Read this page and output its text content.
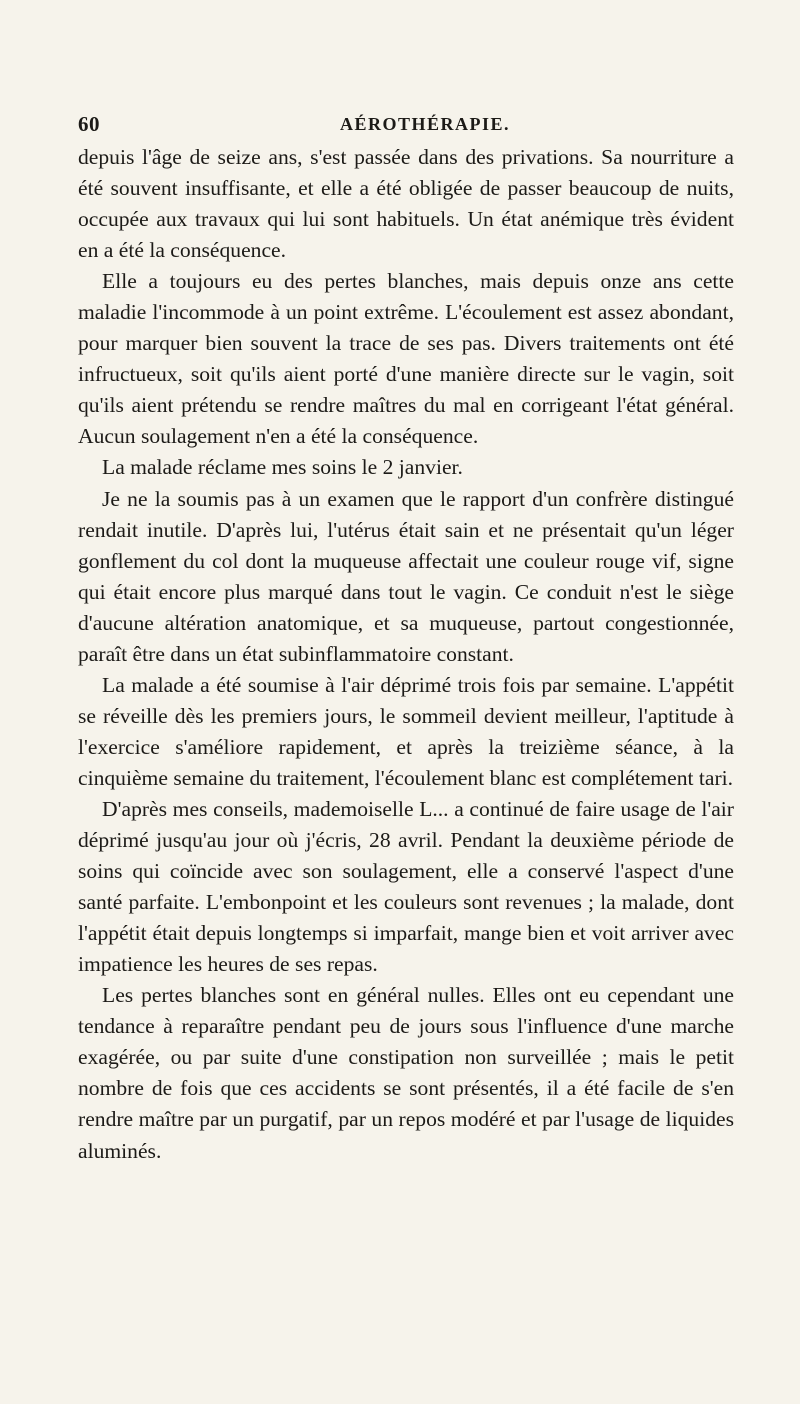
60	AÉROTHÉRAPIE.

depuis l'âge de seize ans, s'est passée dans des privations. Sa nourriture a été souvent insuffisante, et elle a été obligée de passer beaucoup de nuits, occupée aux travaux qui lui sont habituels. Un état anémique très évident en a été la conséquence.

Elle a toujours eu des pertes blanches, mais depuis onze ans cette maladie l'incommode à un point extrême. L'écoulement est assez abondant, pour marquer bien souvent la trace de ses pas. Divers traitements ont été infructueux, soit qu'ils aient porté d'une manière directe sur le vagin, soit qu'ils aient prétendu se rendre maîtres du mal en corrigeant l'état général. Aucun soulagement n'en a été la conséquence.

La malade réclame mes soins le 2 janvier.

Je ne la soumis pas à un examen que le rapport d'un confrère distingué rendait inutile. D'après lui, l'utérus était sain et ne présentait qu'un léger gonflement du col dont la muqueuse affectait une couleur rouge vif, signe qui était encore plus marqué dans tout le vagin. Ce conduit n'est le siège d'aucune altération anatomique, et sa muqueuse, partout congestionnée, paraît être dans un état subinflammatoire constant.

La malade a été soumise à l'air déprimé trois fois par semaine. L'appétit se réveille dès les premiers jours, le sommeil devient meilleur, l'aptitude à l'exercice s'améliore rapidement, et après la treizième séance, à la cinquième semaine du traitement, l'écoulement blanc est complétement tari.

D'après mes conseils, mademoiselle L... a continué de faire usage de l'air déprimé jusqu'au jour où j'écris, 28 avril. Pendant la deuxième période de soins qui coïncide avec son soulagement, elle a conservé l'aspect d'une santé parfaite. L'embonpoint et les couleurs sont revenues ; la malade, dont l'appétit était depuis longtemps si imparfait, mange bien et voit arriver avec impatience les heures de ses repas.

Les pertes blanches sont en général nulles. Elles ont eu cependant une tendance à reparaître pendant peu de jours sous l'influence d'une marche exagérée, ou par suite d'une constipation non surveillée ; mais le petit nombre de fois que ces accidents se sont présentés, il a été facile de s'en rendre maître par un purgatif, par un repos modéré et par l'usage de liquides aluminés.
